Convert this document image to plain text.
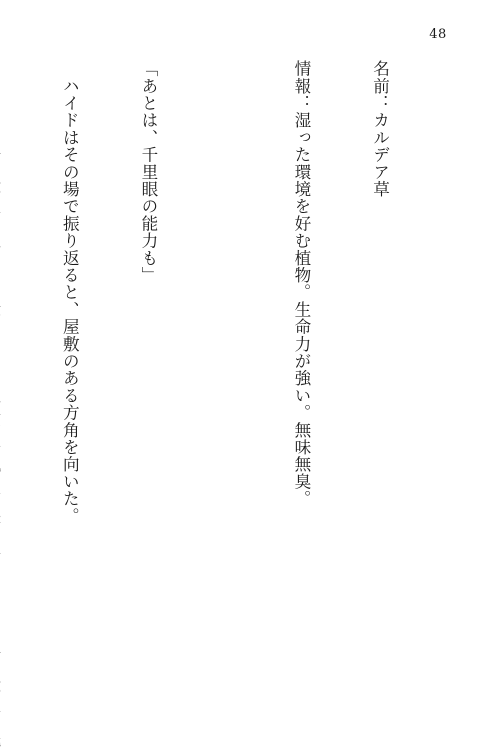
48

名前：カルデア草

情報：湿った環境を好む植物。生命力が強い。無味無臭。

「あとは、千里眼の能力も」

　ハイドはその場で振り返ると、屋敷のある方角を向いた。
